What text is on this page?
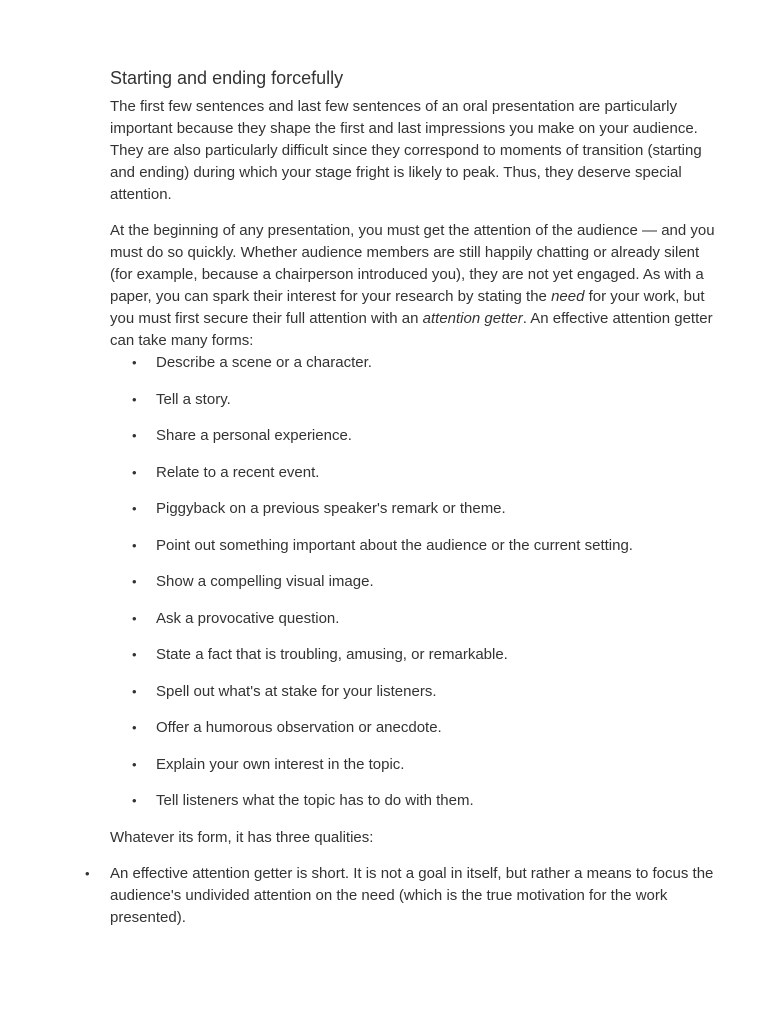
Starting and ending forcefully

The first few sentences and last few sentences of an oral presentation are particularly important because they shape the first and last impressions you make on your audience. They are also particularly difficult since they correspond to moments of transition (starting and ending) during which your stage fright is likely to peak. Thus, they deserve special attention.

At the beginning of any presentation, you must get the attention of the audience — and you must do so quickly. Whether audience members are still happily chatting or already silent (for example, because a chairperson introduced you), they are not yet engaged. As with a paper, you can spark their interest for your research by stating the need for your work, but you must first secure their full attention with an attention getter. An effective attention getter can take many forms:

• Describe a scene or a character.
• Tell a story.
• Share a personal experience.
• Relate to a recent event.
• Piggyback on a previous speaker's remark or theme.
• Point out something important about the audience or the current setting.
• Show a compelling visual image.
• Ask a provocative question.
• State a fact that is troubling, amusing, or remarkable.
• Spell out what's at stake for your listeners.
• Offer a humorous observation or anecdote.
• Explain your own interest in the topic.
• Tell listeners what the topic has to do with them.

Whatever its form, it has three qualities:

• An effective attention getter is short. It is not a goal in itself, but rather a means to focus the audience's undivided attention on the need (which is the true motivation for the work presented).
